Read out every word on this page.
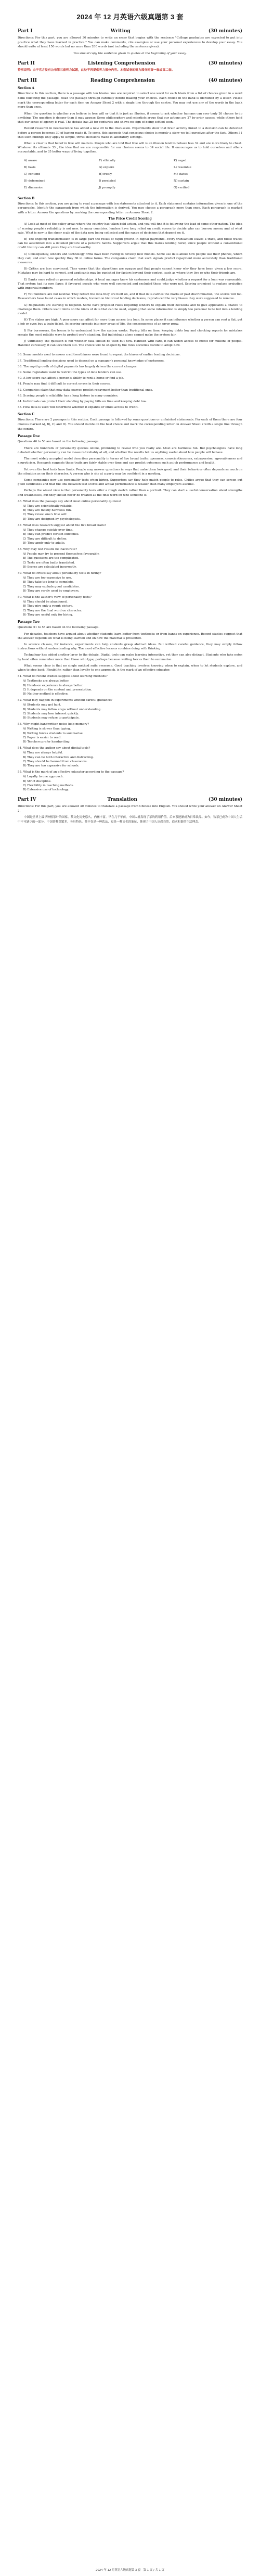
2024 年 12 月英语六级真题第 3 套
Part I	Writing	(30 minutes)

Directions: For this part, you are allowed 30 minutes to write an essay that begins with the sentence "College graduates are expected to put into practice what they have learned in practice." You can make comments, cite examples or use your personal experiences to develop your essay. You should write at least 150 words but no more than 200 words (not including the sentence given).

You should copy the sentence given in quotes at the beginning of your essay.

Part II	Listening Comprehension	(30 minutes)

特别说明：由于官方没有公布第三套听力试题，此处不再提供听力部分内容。本套试卷的听力部分同第一套或第二套。

Part III	Reading Comprehension	(40 minutes)
Section A

Directions: In this section, there is a passage with ten blanks. You are required to select one word for each blank from a list of choices given in a word bank following the passage. Read the passage through carefully before making your choices. Each choice in the bank is identified by a letter. Please mark the corresponding letter for each item on Answer Sheet 2 with a single line through the centre. You may not use any of the words in the bank more than once.

When the question is whether you believe in free will or that it is just an illusion, it seems to ask whether humans can ever truly 26 choose to do anything. The question is deeper than it may appear. Some philosophers and scientists argue that our actions are 27 by prior causes, while others hold that our sense of agency is real. The debate has 28 for centuries and shows no sign of being settled soon.

Recent research in neuroscience has added a new 29 to the discussion. Experiments show that brain activity linked to a decision can be detected before a person becomes 30 of having made it. To some, this suggests that conscious choice is merely a story we tell ourselves after the fact. Others 31 that such findings only apply to simple, trivial decisions made in laboratory settings.

What is clear is that belief in free will matters. People who are told that free will is an illusion tend to behave less 32 and are more likely to cheat. Whatever its ultimate 33 , the idea that we are responsible for our choices seems to 34 social life. It encourages us to hold ourselves and others accountable, and to 35 better ways of living together.

A) aware	F) ethically	K) raged
B) basis	G) explore	L) resemble
C) contend	H) freely	M) status
D) determined	I) persisted	N) sustain
E) dimension	J) promptly	O) verified
Section B

Directions: In this section, you are going to read a passage with ten statements attached to it. Each statement contains information given in one of the paragraphs. Identify the paragraph from which the information is derived. You may choose a paragraph more than once. Each paragraph is marked with a letter. Answer the questions by marking the corresponding letter on Answer Sheet 2.

The Price Credit Scoring

A) Look at most of the policy areas where the country has taken bold action, and you will find it is following the lead of some other nation. The idea of scoring people's reliability is not new. In many countries, lenders have long relied on credit scores to decide who can borrow money and at what rate. What is new is the sheer scale of the data now being collected and the range of decisions that depend on it.

B) The ongoing transformation is in large part the result of rapid growth in digital payments. Every transaction leaves a trace, and those traces can be assembled into a detailed picture of a person's habits. Supporters argue that this makes lending fairer, since people without a conventional credit history can still prove they are trustworthy.

C) Consequently, lenders and technology firms have been racing to develop new models. Some use data about how people use their phones, whom they call, and even how quickly they fill in online forms. The companies claim that such signals predict repayment more accurately than traditional measures.

D) Critics are less convinced. They worry that the algorithms are opaque and that people cannot know why they have been given a low score. Mistakes may be hard to correct, and applicants may be punished for factors beyond their control, such as where they live or who their friends are.

E) Banks once relied on personal relationships. A local manager knew his customers and could judge whether a request for a loan was reasonable. That system had its own flaws: it favoured people who were well connected and excluded those who were not. Scoring promised to replace prejudice with impartial numbers.

F) Yet numbers are not neutral. They reflect the data they are built on, and if that data carries the marks of past discrimination, the scores will too. Researchers have found cases in which models, trained on historical lending decisions, reproduced the very biases they were supposed to remove.

G) Regulators are starting to respond. Some have proposed rules requiring lenders to explain their decisions and to give applicants a chance to challenge them. Others want limits on the kinds of data that can be used, arguing that some information is simply too personal to be fed into a lending model.

H) The stakes are high. A poor score can affect far more than access to a loan. In some places it can influence whether a person can rent a flat, get a job or even buy a train ticket. As scoring spreads into new areas of life, the consequences of an error grow.

I) For borrowers, the lesson is to understand how the system works. Paying bills on time, keeping debts low and checking reports for mistakes remain the most reliable ways to protect one's standing. But individuals alone cannot make the system fair.

J) Ultimately, the question is not whether data should be used but how. Handled with care, it can widen access to credit for millions of people. Handled carelessly, it can lock them out. The choice will be shaped by the rules societies decide to adopt now.

36. Some models used to assess creditworthiness were found to repeat the biases of earlier lending decisions.

37. Traditional lending decisions used to depend on a manager's personal knowledge of customers.

38. The rapid growth of digital payments has largely driven the current changes.

39. Some regulators want to restrict the types of data lenders can use.

40. A low score can affect a person's ability to rent a home or find a job.

41. People may find it difficult to correct errors in their scores.

42. Companies claim that new data sources predict repayment better than traditional ones.

43. Scoring people's reliability has a long history in many countries.

44. Individuals can protect their standing by paying bills on time and keeping debt low.

45. How data is used will determine whether it expands or limits access to credit.

Section C

Directions: There are 2 passages in this section. Each passage is followed by some questions or unfinished statements. For each of them there are four choices marked A), B), C) and D). You should decide on the best choice and mark the corresponding letter on Answer Sheet 2 with a single line through the centre.

Passage One

Questions 46 to 50 are based on the following passage.

There are hundreds of personality quizzes online, promising to reveal who you really are. Most are harmless fun. But psychologists have long debated whether personality can be measured reliably at all, and whether the results tell us anything useful about how people will behave.

The most widely accepted model describes personality in terms of five broad traits: openness, conscientiousness, extraversion, agreeableness and neuroticism. Research suggests these traits are fairly stable over time and can predict outcomes such as job performance and health.

Yet even the best tests have limits. People may answer questions in ways that make them look good, and their behaviour often depends as much on the situation as on their character. A person who is shy at a party may be confident in a meeting.

Some companies now use personality tests when hiring. Supporters say they help match people to roles. Critics argue that they can screen out good candidates and that the link between test scores and actual performance is weaker than many employers assume.

Perhaps the wisest view is that personality tests offer a rough sketch rather than a portrait. They can start a useful conversation about strengths and weaknesses, but they should never be treated as the final word on who someone is.

46. What does the passage say about most online personality quizzes?

A) They are scientifically reliable.

B) They are mostly harmless fun.

C) They reveal one's true self.

D) They are designed by psychologists.

47. What does research suggest about the five broad traits?

A) They change quickly over time.

B) They can predict certain outcomes.

C) They are difficult to define.

D) They apply only to adults.

48. Why may test results be inaccurate?

A) People may try to present themselves favourably.

B) The questions are too complicated.

C) Tests are often badly translated.

D) Scores are calculated incorrectly.

49. What do critics say about personality tests in hiring?

A) They are too expensive to use.

B) They take too long to complete.

C) They may exclude good candidates.

D) They are rarely used by employers.

50. What is the author's view of personality tests?

A) They should be abandoned.

B) They give only a rough picture.

C) They are the final word on character.

D) They are useful only for hiring.

Passage Two

Questions 51 to 55 are based on the following passage.

For decades, teachers have argued about whether students learn better from textbooks or from hands-on experience. Recent studies suggest that the answer depends on what is being learned and on how the material is presented.

In science classes, for instance, experiments can help students grasp abstract ideas. But without careful guidance, they may simply follow instructions without understanding why. The most effective lessons combine doing with thinking.

Technology has added another layer to the debate. Digital tools can make learning interactive, yet they can also distract. Students who take notes by hand often remember more than those who type, perhaps because writing forces them to summarise.

What seems clear is that no single method suits everyone. Good teaching involves knowing when to explain, when to let students explore, and when to step back. Flexibility, rather than loyalty to one approach, is the mark of an effective educator.

51. What do recent studies suggest about learning methods?

A) Textbooks are always better.

B) Hands-on experience is always better.

C) It depends on the content and presentation.

D) Neither method is effective.

52. What may happen in experiments without careful guidance?

A) Students may get hurt.

B) Students may follow steps without understanding.

C) Students may lose interest quickly.

D) Students may refuse to participate.

53. Why might handwritten notes help memory?

A) Writing is slower than typing.

B) Writing forces students to summarise.

C) Paper is easier to read.

D) Teachers prefer handwriting.

54. What does the author say about digital tools?

A) They are always helpful.

B) They can be both interactive and distracting.

C) They should be banned from classrooms.

D) They are too expensive for schools.

55. What is the mark of an effective educator according to the passage?

A) Loyalty to one approach.

B) Strict discipline.

C) Flexibility in teaching methods.

D) Extensive use of technology.

Part IV	Translation	(30 minutes)

Directions: For this part, you are allowed 30 minutes to translate a passage from Chinese into English. You should write your answer on Answer Sheet 2.

中国是世界上最早种植茶叶的国家。茶文化历史悠久，内涵丰富。早在几千年前，中国人就发现了茶的药用价值，后来茶逐渐成为日常饮品。如今，饮茶已成为中国人生活中不可缺少的一部分。中国茶种类繁多，各具特色。茶不仅是一种饮品，更是一种文化的象征，体现了中国人崇尚自然、追求和谐的生活理念。

2024 年 12 月英语六级真题第 3 套 · 第 1 页 / 共 1 页
